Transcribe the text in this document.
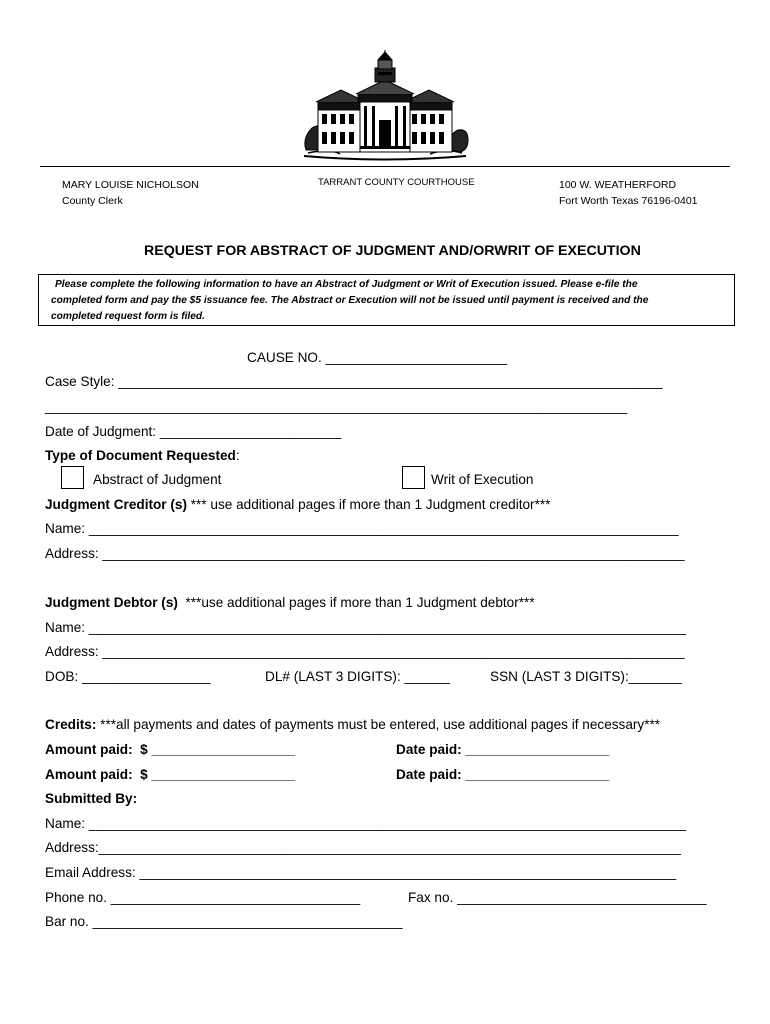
MARY LOUISE NICHOLSON
County Clerk
TARRANT COUNTY COURTHOUSE	100 W. WEATHERFORD
Fort Worth Texas 76196-0401
REQUEST FOR ABSTRACT OF JUDGMENT AND/ORWRIT OF EXECUTION
Please complete the following information to have an Abstract of Judgment or Writ of Execution issued. Please e-file the
completed form and pay the $5 issuance fee. The Abstract or Execution will not be issued until payment is received and the
completed request form is filed.
CAUSE NO. ________________________
Case Style: ________________________________________________________________________
_____________________________________________________________________________
Date of Judgment: ________________________
Type of Document Requested:
Abstract of Judgment	Writ of Execution
Judgment Creditor (s) *** use additional pages if more than 1 Judgment creditor***
Name: ______________________________________________________________________________
Address: _____________________________________________________________________________
Judgment Debtor (s)  ***use additional pages if more than 1 Judgment debtor***
Name: _______________________________________________________________________________
Address: _____________________________________________________________________________
DOB: _________________	DL# (LAST 3 DIGITS): ______	SSN (LAST 3 DIGITS):_______
Credits: ***all payments and dates of payments must be entered, use additional pages if necessary***
Amount paid:  $ ___________________	Date paid: ___________________
Amount paid:  $ ___________________	Date paid: ___________________
Submitted By:
Name: _______________________________________________________________________________
Address:_____________________________________________________________________________
Email Address: _______________________________________________________________________
Phone no. _________________________________	Fax no. _________________________________
Bar no. _________________________________________
